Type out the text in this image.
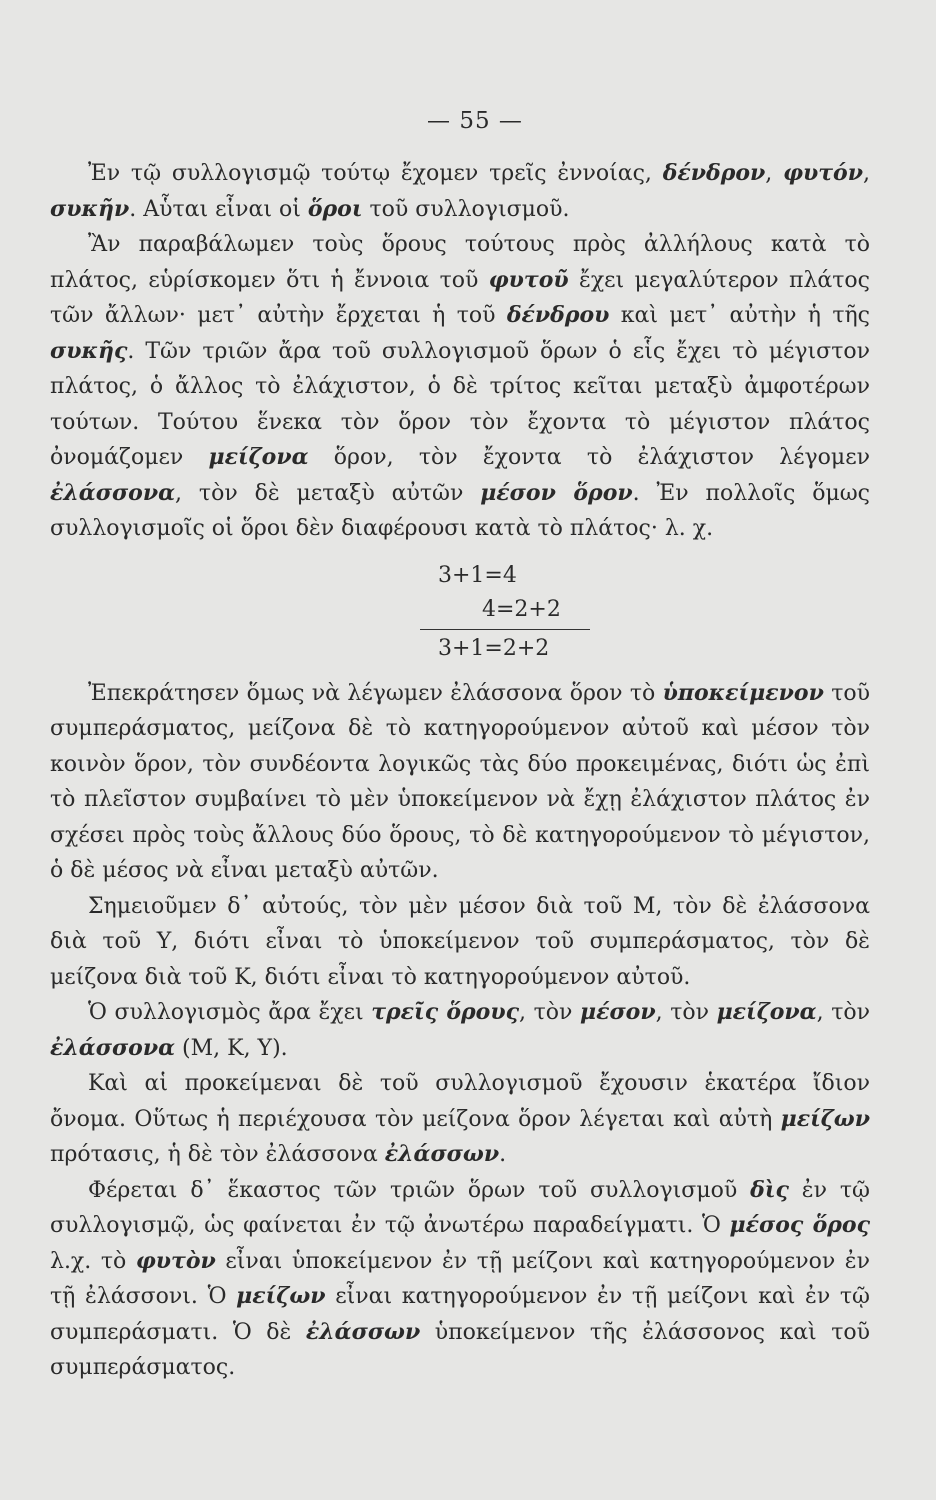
— 55 —

Ἐν τῷ συλλογισμῷ τούτῳ ἔχομεν τρεῖς ἐννοίας, δένδρον, φυτόν, συκῆν. Αὗται εἶναι οἱ ὅροι τοῦ συλλογισμοῦ.

Ἂν παραβάλωμεν τοὺς ὅρους τούτους πρὸς ἀλλήλους κατὰ τὸ πλάτος, εὑρίσκομεν ὅτι ἡ ἔννοια τοῦ φυτοῦ ἔχει μεγαλύτερον πλάτος τῶν ἄλλων· μετ᾽ αὐτὴν ἔρχεται ἡ τοῦ δένδρου καὶ μετ᾽ αὐτὴν ἡ τῆς συκῆς. Τῶν τριῶν ἄρα τοῦ συλλογισμοῦ ὅρων ὁ εἷς ἔχει τὸ μέγιστον πλάτος, ὁ ἄλλος τὸ ἐλάχιστον, ὁ δὲ τρίτος κεῖται μεταξὺ ἀμφοτέρων τούτων. Τούτου ἕνεκα τὸν ὅρον τὸν ἔχοντα τὸ μέγιστον πλάτος ὀνομάζομεν μείζονα ὅρον, τὸν ἔχοντα τὸ ἐλάχιστον λέγομεν ἐλάσσονα, τὸν δὲ μεταξὺ αὐτῶν μέσον ὅρον. Ἐν πολλοῖς ὅμως συλλογισμοῖς οἱ ὅροι δὲν διαφέρουσι κατὰ τὸ πλάτος· λ. χ.

3+1=4
4=2+2
3+1=2+2

Ἐπεκράτησεν ὅμως νὰ λέγωμεν ἐλάσσονα ὅρον τὸ ὑποκείμενον τοῦ συμπεράσματος, μείζονα δὲ τὸ κατηγορούμενον αὐτοῦ καὶ μέσον τὸν κοινὸν ὅρον, τὸν συνδέοντα λογικῶς τὰς δύο προκειμένας, διότι ὡς ἐπὶ τὸ πλεῖστον συμβαίνει τὸ μὲν ὑποκείμενον νὰ ἔχῃ ἐλάχιστον πλάτος ἐν σχέσει πρὸς τοὺς ἄλλους δύο ὅρους, τὸ δὲ κατηγορούμενον τὸ μέγιστον, ὁ δὲ μέσος νὰ εἶναι μεταξὺ αὐτῶν.

Σημειοῦμεν δ᾽ αὐτούς, τὸν μὲν μέσον διὰ τοῦ Μ, τὸν δὲ ἐλάσσονα διὰ τοῦ Υ, διότι εἶναι τὸ ὑποκείμενον τοῦ συμπεράσματος, τὸν δὲ μείζονα διὰ τοῦ Κ, διότι εἶναι τὸ κατηγορούμενον αὐτοῦ.

Ὁ συλλογισμὸς ἄρα ἔχει τρεῖς ὅρους, τὸν μέσον, τὸν μείζονα, τὸν ἐλάσσονα (Μ, Κ, Υ).

Καὶ αἱ προκείμεναι δὲ τοῦ συλλογισμοῦ ἔχουσιν ἑκατέρα ἴδιον ὄνομα. Οὕτως ἡ περιέχουσα τὸν μείζονα ὅρον λέγεται καὶ αὐτὴ μείζων πρότασις, ἡ δὲ τὸν ἐλάσσονα ἐλάσσων.

Φέρεται δ᾽ ἕκαστος τῶν τριῶν ὅρων τοῦ συλλογισμοῦ δὶς ἐν τῷ συλλογισμῷ, ὡς φαίνεται ἐν τῷ ἀνωτέρω παραδείγματι. Ὁ μέσος ὅρος λ.χ. τὸ φυτὸν εἶναι ὑποκείμενον ἐν τῇ μείζονι καὶ κατηγορούμενον ἐν τῇ ἐλάσσονι. Ὁ μείζων εἶναι κατηγορούμενον ἐν τῇ μείζονι καὶ ἐν τῷ συμπεράσματι. Ὁ δὲ ἐλάσσων ὑποκείμενον τῆς ἐλάσσονος καὶ τοῦ συμπεράσματος.
